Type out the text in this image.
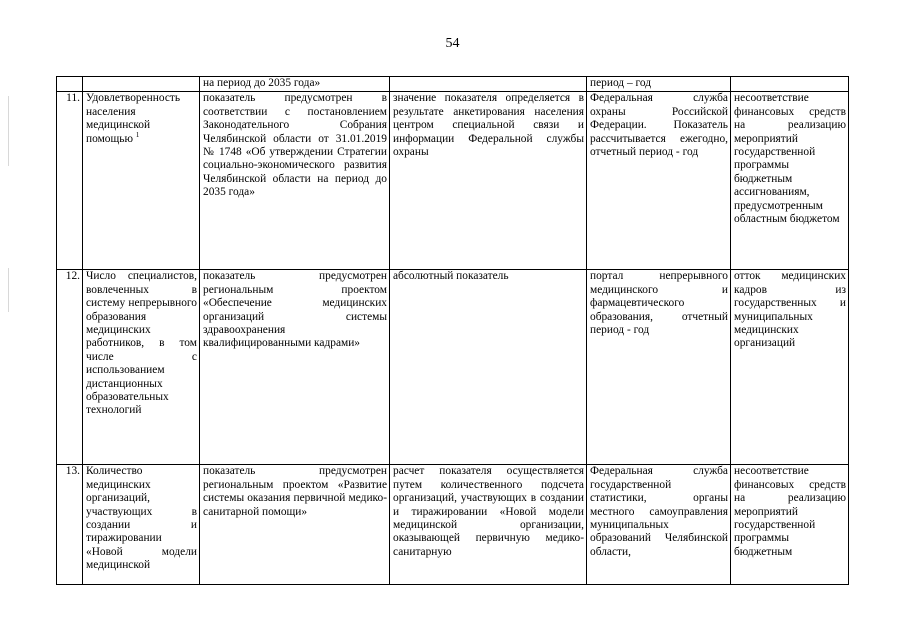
54
		на период до 2035 года»		период – год	
11.	Удовлетворенность населения медицинской помощью $^1$	показатель предусмотрен в соответствии с постановлением Законодательного Собрания Челябинской области от 31.01.2019 № 1748 «Об утверждении Стратегии социально-экономического развития Челябинской области на период до 2035 года»	значение показателя определяется в результате анкетирования населения центром специальной связи и информации Федеральной службы охраны	Федеральная служба охраны Российской Федерации. Показатель рассчитывается ежегодно, отчетный период - год	несоответствие финансовых средств на реализацию мероприятий государственной программы бюджетным ассигнованиям, предусмотренным областным бюджетом
12.	Число специалистов, вовлеченных в систему непрерывного образования медицинских работников, в том числе с использованием дистанционных образовательных технологий	показатель предусмотрен региональным проектом «Обеспечение медицинских организаций системы здравоохранения квалифицированными кадрами»	абсолютный показатель	портал непрерывного медицинского и фармацевтического образования, отчетный период - год	отток медицинских кадров из государственных и муниципальных медицинских организаций
13.	Количество медицинских организаций, участвующих в создании и тиражировании «Новой модели медицинской	показатель предусмотрен региональным проектом «Развитие системы оказания первичной медико-санитарной помощи»	расчет показателя осуществляется путем количественного подсчета организаций, участвующих в создании и тиражировании «Новой модели медицинской организации, оказывающей первичную медико-санитарную	Федеральная служба государственной статистики, органы местного самоуправления муниципальных образований Челябинской области,	несоответствие финансовых средств на реализацию мероприятий государственной программы бюджетным
